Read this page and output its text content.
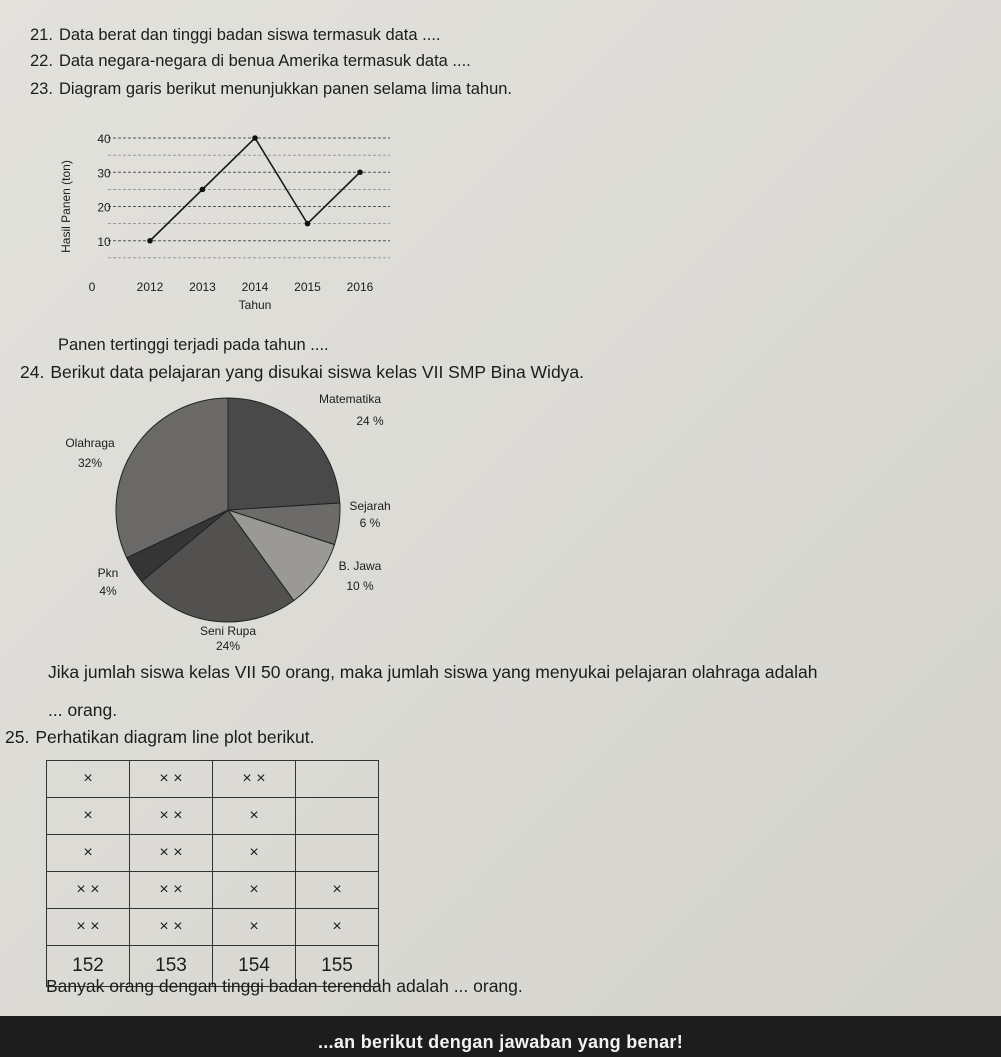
21. Data berat dan tinggi badan siswa termasuk data ....
22. Data negara-negara di benua Amerika termasuk data ....
23. Diagram garis berikut menunjukkan panen selama lima tahun.
0
10
20
30
40
2012 2013 2014 2015 2016
Hasil Panen (ton)
Tahun
Panen tertinggi terjadi pada tahun ....
24. Berikut data pelajaran yang disukai siswa kelas VII SMP Bina Widya.
Matematika
24 %
Sejarah
6 %
B. Jawa
10 %
Seni Rupa
24%
Pkn
4%
Olahraga
32%
Jika jumlah siswa kelas VII 50 orang, maka jumlah siswa yang menyukai pelajaran olahraga adalah
... orang.
25. Perhatikan diagram line plot berikut.
×	× ×	× ×	
×	× ×	×	
×	× ×	×	
× ×	× ×	×	×
× ×	× ×	×	×
152	153	154	155
Banyak orang dengan tinggi badan terendah adalah ... orang.
...an berikut dengan jawaban yang benar!
